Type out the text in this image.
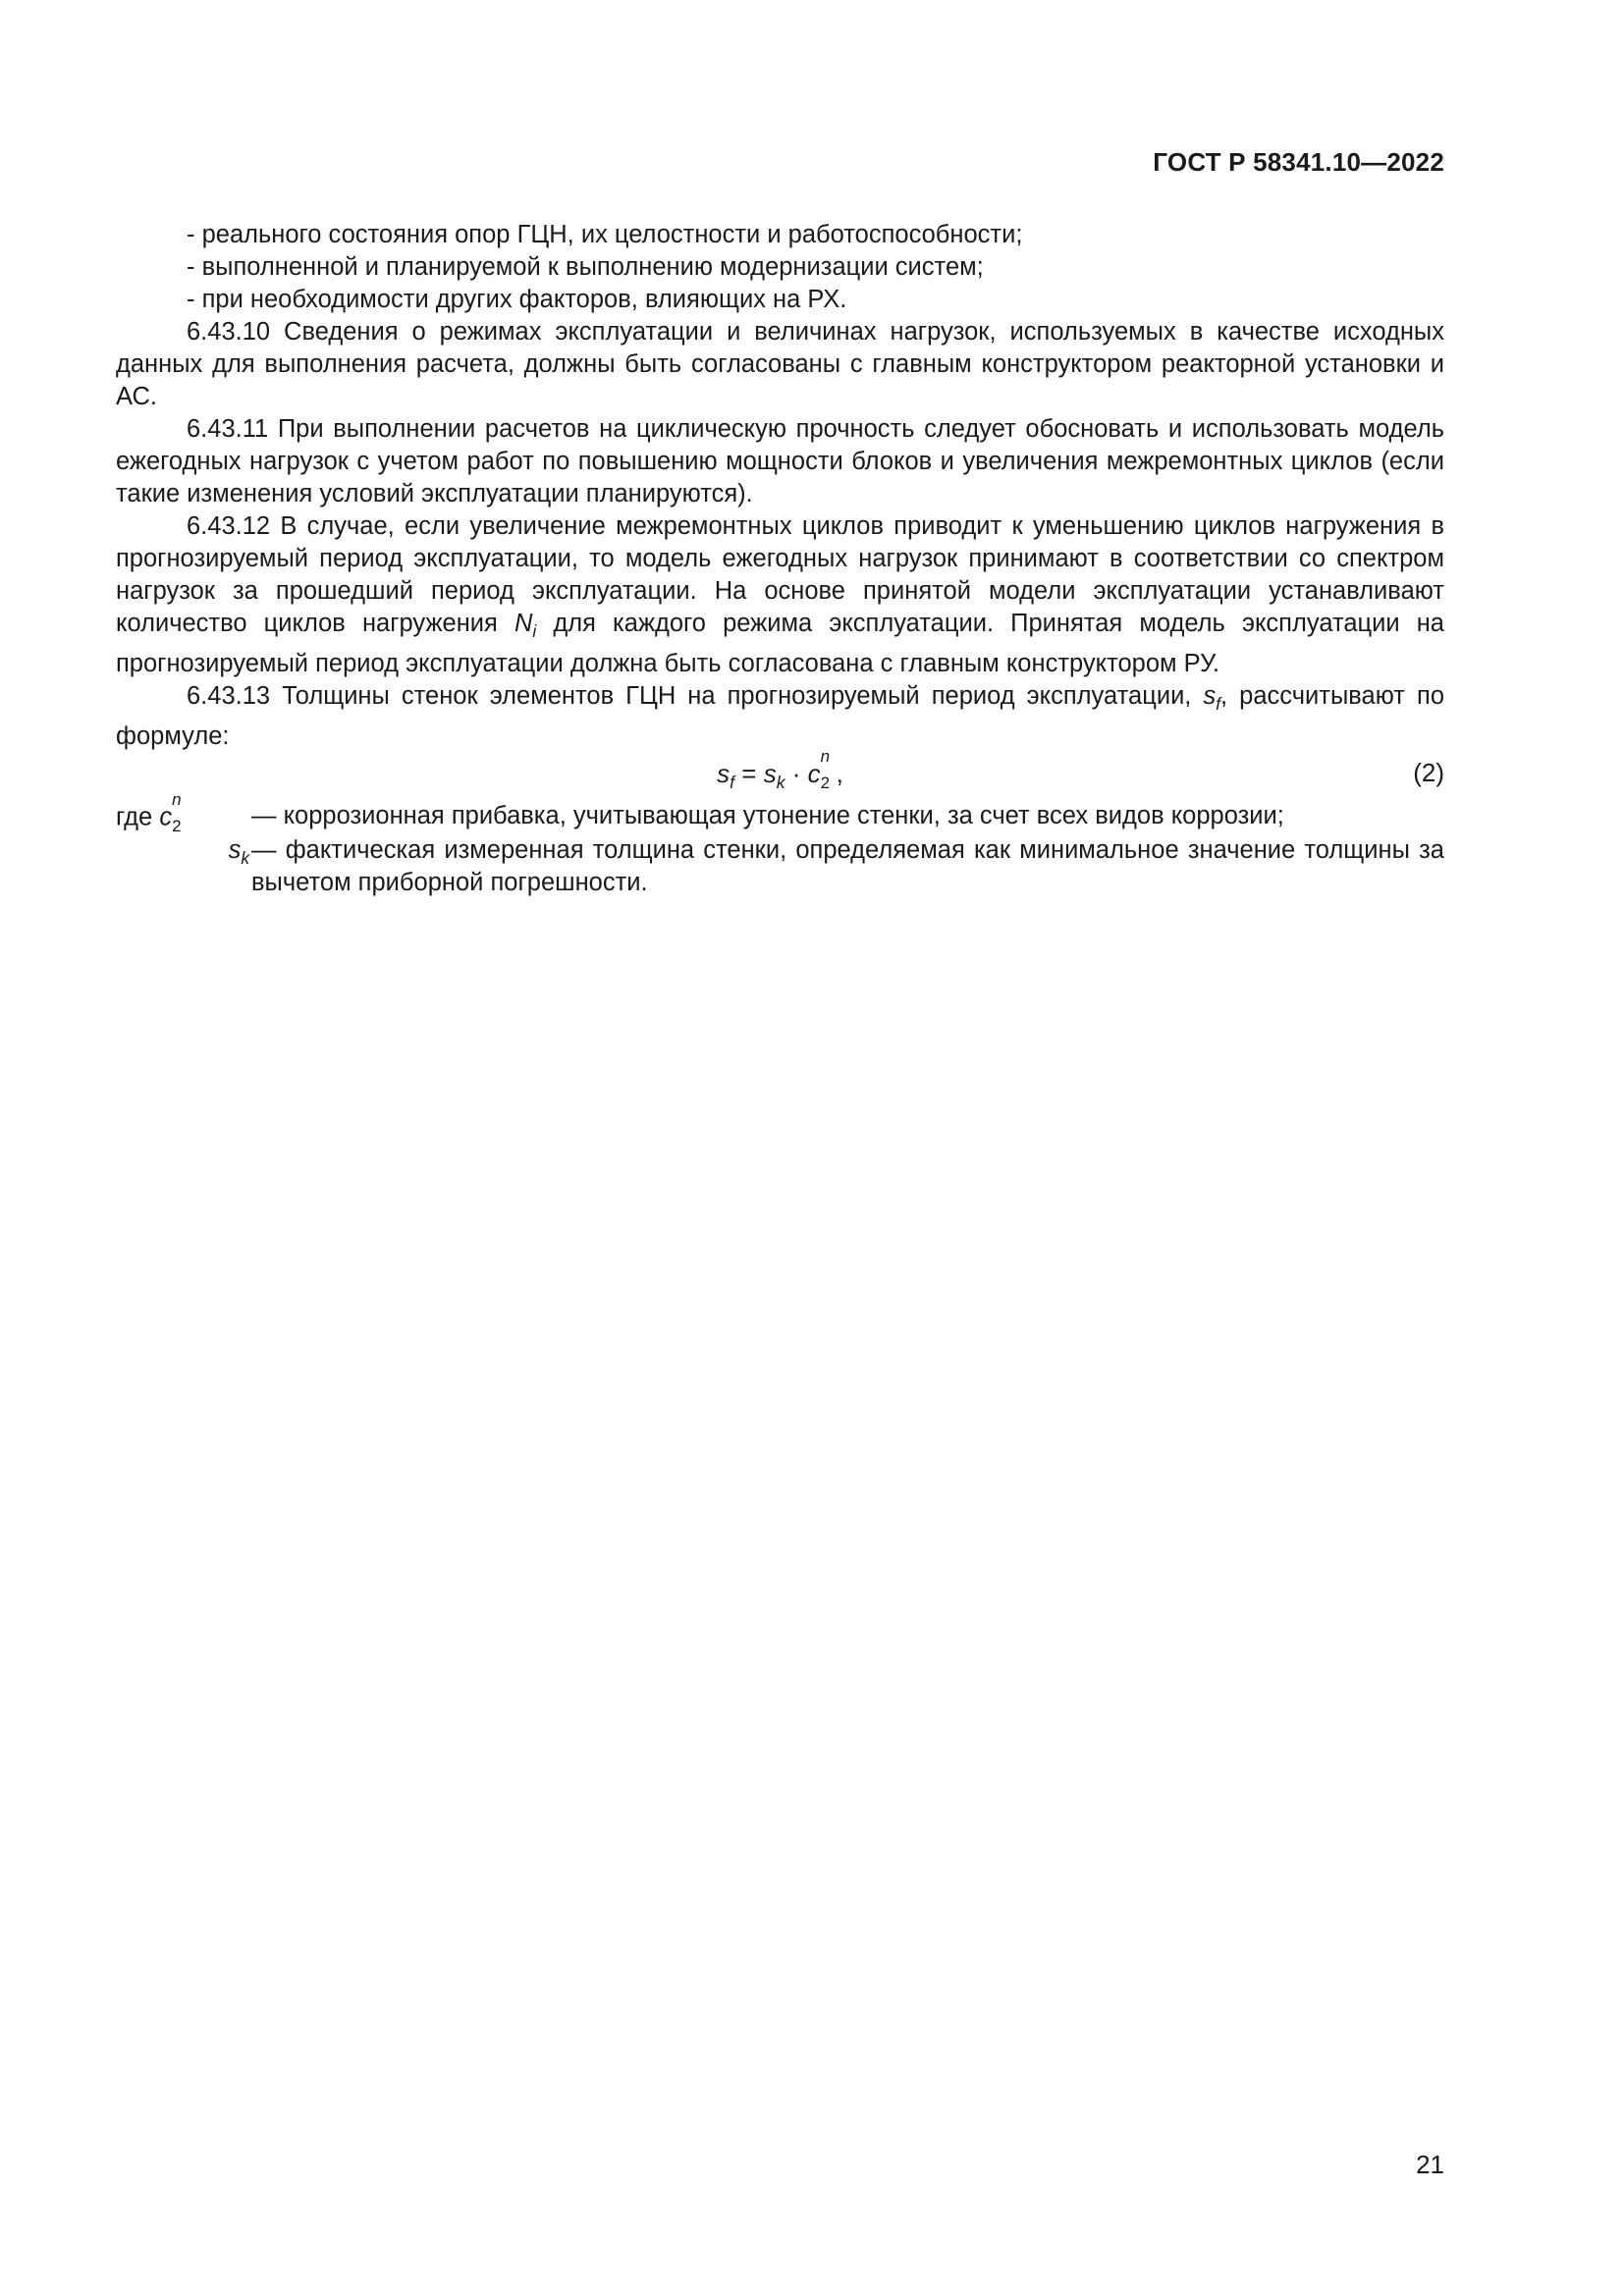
ГОСТ Р 58341.10—2022

- реального состояния опор ГЦН, их целостности и работоспособности;

- выполненной и планируемой к выполнению модернизации систем;

- при необходимости других факторов, влияющих на РХ.

6.43.10 Сведения о режимах эксплуатации и величинах нагрузок, используемых в качестве исходных данных для выполнения расчета, должны быть согласованы с главным конструктором реакторной установки и АС.

6.43.11 При выполнении расчетов на циклическую прочность следует обосновать и использовать модель ежегодных нагрузок с учетом работ по повышению мощности блоков и увеличения межремонтных циклов (если такие изменения условий эксплуатации планируются).

6.43.12 В случае, если увеличение межремонтных циклов приводит к уменьшению циклов нагружения в прогнозируемый период эксплуатации, то модель ежегодных нагрузок принимают в соответствии со спектром нагрузок за прошедший период эксплуатации. На основе принятой модели эксплуатации устанавливают количество циклов нагружения $N_i$ для каждого режима эксплуатации. Принятая модель эксплуатации на прогнозируемый период эксплуатации должна быть согласована с главным конструктором РУ.

6.43.13 Толщины стенок элементов ГЦН на прогнозируемый период эксплуатации, $s_f$, рассчитывают по формуле:

$s_f = s_k \cdot c$
n
2 ,	(2)
где c
n
2	— коррозионная прибавка, учитывающая утонение стенки, за счет всех видов коррозии;
$s_k$ — фактическая измеренная толщина стенки, определяемая как минимальное значение толщины за вычетом приборной погрешности.
21
